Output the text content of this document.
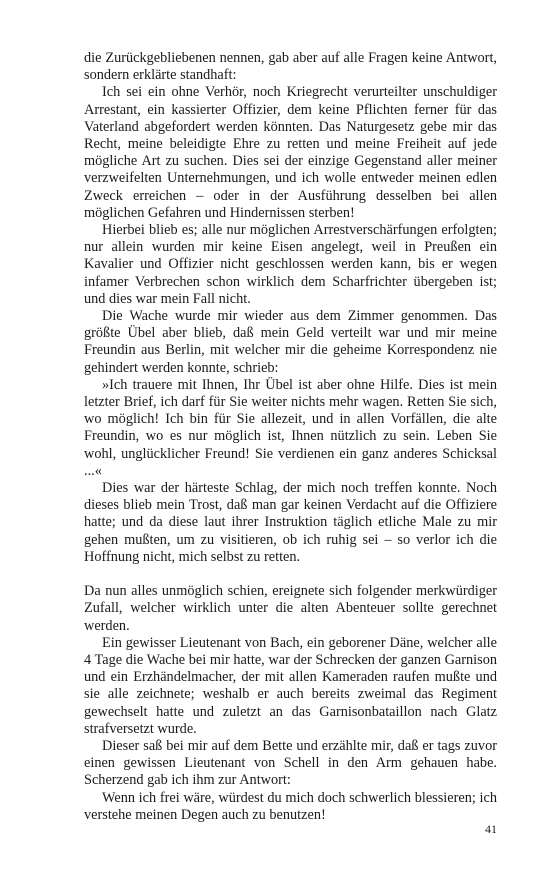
die Zurückgebliebenen nennen, gab aber auf alle Fragen keine Antwort, sondern erklärte standhaft:

Ich sei ein ohne Verhör, noch Kriegrecht verurteilter unschuldiger Arrestant, ein kassierter Offizier, dem keine Pflichten ferner für das Vaterland abgefordert werden könnten. Das Naturgesetz gebe mir das Recht, meine beleidigte Ehre zu retten und meine Freiheit auf jede mögliche Art zu suchen. Dies sei der einzige Gegenstand aller meiner verzweifelten Unternehmungen, und ich wolle entweder meinen edlen Zweck erreichen – oder in der Ausführung desselben bei allen möglichen Gefahren und Hindernissen sterben!

Hierbei blieb es; alle nur möglichen Arrestverschärfungen erfolgten; nur allein wurden mir keine Eisen angelegt, weil in Preußen ein Kavalier und Offizier nicht geschlossen werden kann, bis er wegen infamer Verbrechen schon wirklich dem Scharfrichter übergeben ist; und dies war mein Fall nicht.

Die Wache wurde mir wieder aus dem Zimmer genommen. Das größte Übel aber blieb, daß mein Geld verteilt war und mir meine Freundin aus Berlin, mit welcher mir die geheime Korrespondenz nie gehindert werden konnte, schrieb:

»Ich trauere mit Ihnen, Ihr Übel ist aber ohne Hilfe. Dies ist mein letzter Brief, ich darf für Sie weiter nichts mehr wagen. Retten Sie sich, wo möglich! Ich bin für Sie allezeit, und in allen Vorfällen, die alte Freundin, wo es nur möglich ist, Ihnen nützlich zu sein. Leben Sie wohl, unglücklicher Freund! Sie verdienen ein ganz anderes Schicksal ...«

Dies war der härteste Schlag, der mich noch treffen konnte. Noch dieses blieb mein Trost, daß man gar keinen Verdacht auf die Offiziere hatte; und da diese laut ihrer Instruktion täglich etliche Male zu mir gehen mußten, um zu visitieren, ob ich ruhig sei – so verlor ich die Hoffnung nicht, mich selbst zu retten.

Da nun alles unmöglich schien, ereignete sich folgender merkwürdiger Zufall, welcher wirklich unter die alten Abenteuer sollte gerechnet werden.

Ein gewisser Lieutenant von Bach, ein geborener Däne, welcher alle 4 Tage die Wache bei mir hatte, war der Schrecken der ganzen Garnison und ein Erzhändelmacher, der mit allen Kameraden raufen mußte und sie alle zeichnete; weshalb er auch bereits zweimal das Regiment gewechselt hatte und zuletzt an das Garnisonbataillon nach Glatz strafversetzt wurde.

Dieser saß bei mir auf dem Bette und erzählte mir, daß er tags zuvor einen gewissen Lieutenant von Schell in den Arm gehauen habe. Scherzend gab ich ihm zur Antwort:

Wenn ich frei wäre, würdest du mich doch schwerlich blessieren; ich verstehe meinen Degen auch zu benutzen!

41
